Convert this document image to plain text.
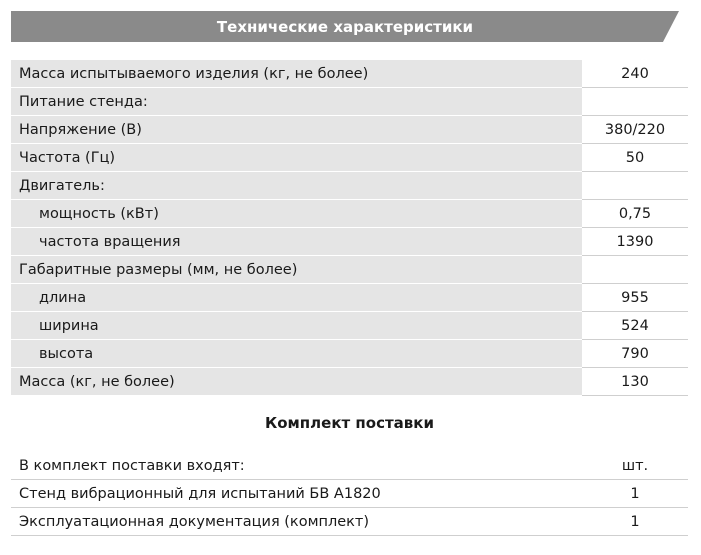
Технические характеристики
Масса испытываемого изделия (кг, не более)	240
Питание стенда:
Напряжение (В)	380/220
Частота (Гц)	50
Двигатель:
мощность (кВт)	0,75
частота вращения	1390
Габаритные размеры (мм, не более)
длина	955
ширина	524
высота	790
Масса (кг, не более)	130
Комплект поставки
В комплект поставки входят:	шт.
Стенд вибрационный для испытаний БВ А1820	1
Эксплуатационная документация (комплект)	1
